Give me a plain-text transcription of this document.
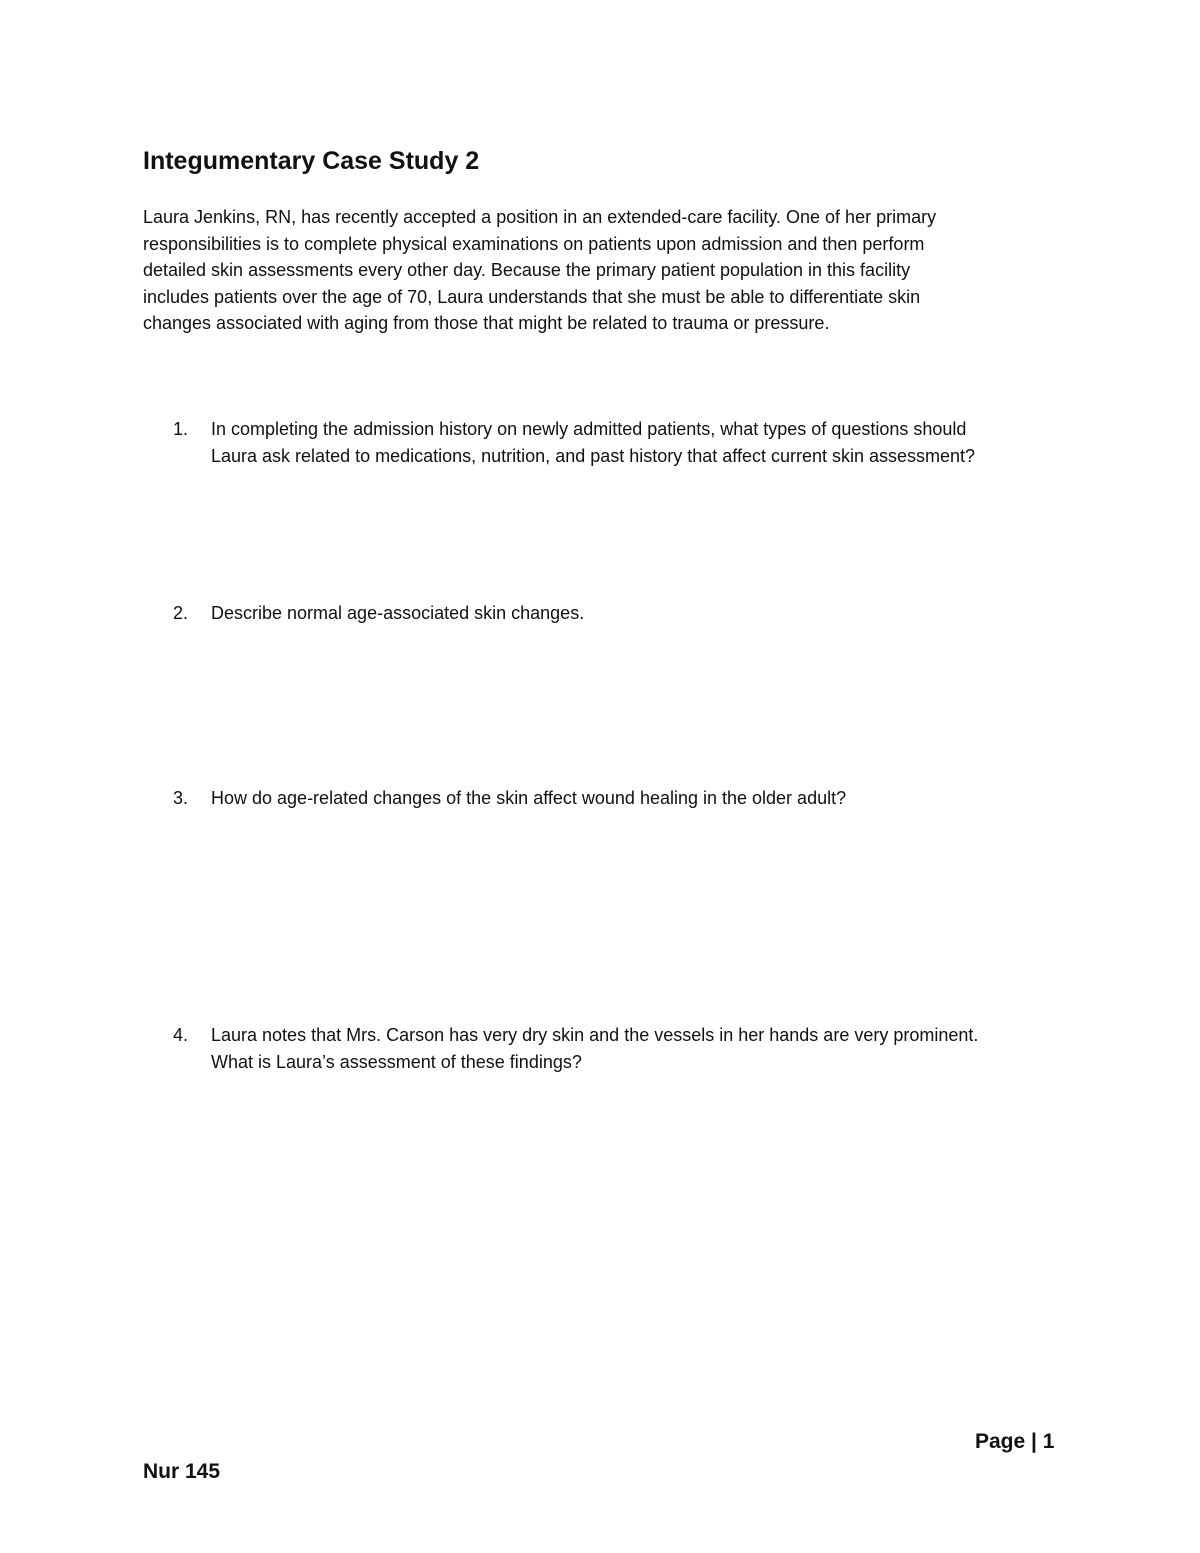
Integumentary Case Study 2
Laura Jenkins, RN, has recently accepted a position in an extended-care facility. One of her primary
responsibilities is to complete physical examinations on patients upon admission and then perform
detailed skin assessments every other day. Because the primary patient population in this facility
includes patients over the age of 70, Laura understands that she must be able to differentiate skin
changes associated with aging from those that might be related to trauma or pressure.
1. In completing the admission history on newly admitted patients, what types of questions should
Laura ask related to medications, nutrition, and past history that affect current skin assessment?
2. Describe normal age-associated skin changes.
3. How do age-related changes of the skin affect wound healing in the older adult?
4. Laura notes that Mrs. Carson has very dry skin and the vessels in her hands are very prominent.
What is Laura’s assessment of these findings?
Page | 1
Nur 145
